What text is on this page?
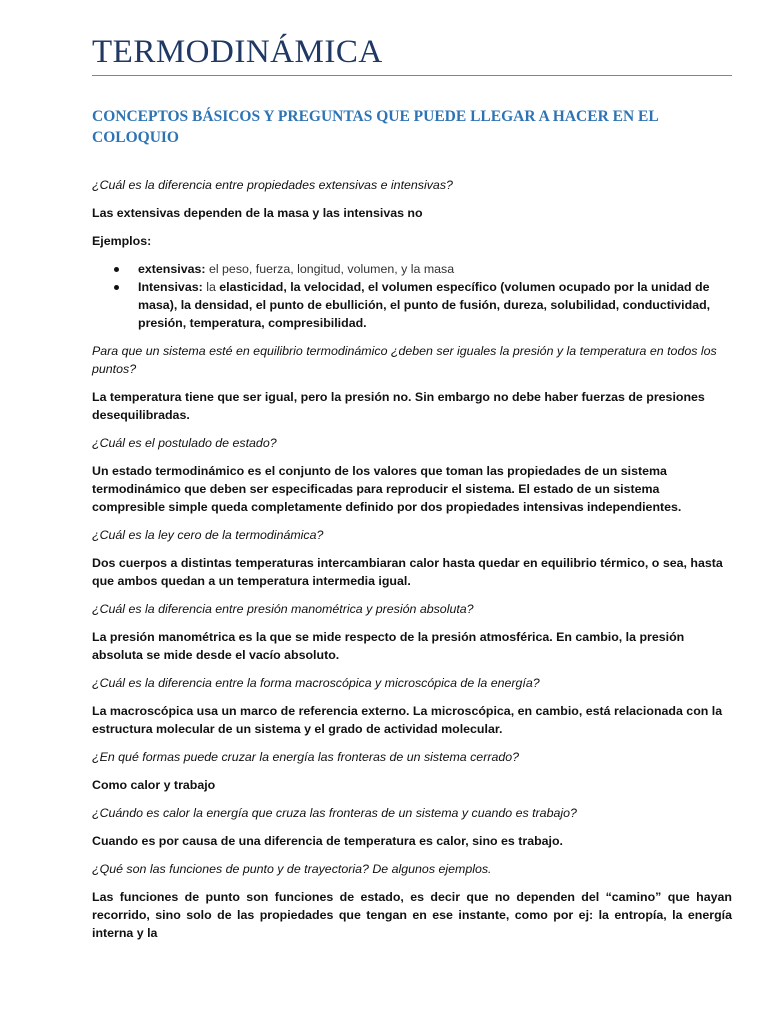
TERMODINÁMICA
CONCEPTOS BÁSICOS Y PREGUNTAS QUE PUEDE LLEGAR A HACER EN EL COLOQUIO

¿Cuál es la diferencia entre propiedades extensivas e intensivas?

Las extensivas dependen de la masa y las intensivas no

Ejemplos:

extensivas: el peso, fuerza, longitud, volumen, y la masa
Intensivas: la elasticidad, la velocidad, el volumen específico (volumen ocupado por la unidad de masa), la densidad, el punto de ebullición, el punto de fusión, dureza, solubilidad, conductividad, presión, temperatura, compresibilidad.

Para que un sistema esté en equilibrio termodinámico ¿deben ser iguales la presión y la temperatura en todos los puntos?

La temperatura tiene que ser igual, pero la presión no. Sin embargo no debe haber fuerzas de presiones desequilibradas.

¿Cuál es el postulado de estado?

Un estado termodinámico es el conjunto de los valores que toman las propiedades de un sistema termodinámico que deben ser especificadas para reproducir el sistema. El estado de un sistema compresible simple queda completamente definido por dos propiedades intensivas independientes.

¿Cuál es la ley cero de la termodinámica?

Dos cuerpos a distintas temperaturas intercambiaran calor hasta quedar en equilibrio térmico, o sea, hasta que ambos quedan a un temperatura intermedia igual.

¿Cuál es la diferencia entre presión manométrica y presión absoluta?

La presión manométrica es la que se mide respecto de la presión atmosférica. En cambio, la presión absoluta se mide desde el vacío absoluto.

¿Cuál es la diferencia entre la forma macroscópica y microscópica de la energía?

La macroscópica usa un marco de referencia externo. La microscópica, en cambio, está relacionada con la estructura molecular de un sistema y el grado de actividad molecular.

¿En qué formas puede cruzar la energía las fronteras de un sistema cerrado?

Como calor y trabajo

¿Cuándo es calor la energía que cruza las fronteras de un sistema y cuando es trabajo?

Cuando es por causa de una diferencia de temperatura es calor, sino es trabajo.

¿Qué son las funciones de punto y de trayectoria? De algunos ejemplos.

Las funciones de punto son funciones de estado, es decir que no dependen del “camino” que hayan recorrido, sino solo de las propiedades que tengan en ese instante, como por ej: la entropía, la energía interna y la
